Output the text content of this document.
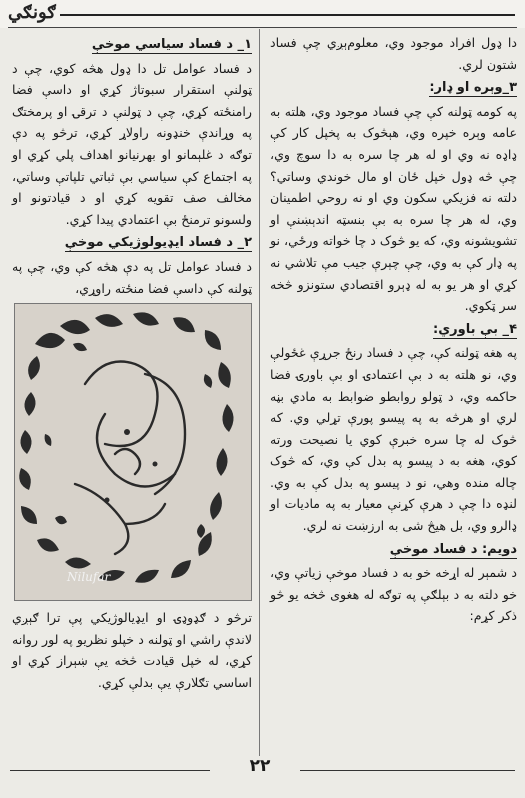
ګونګي

دا ډول افراد موجود وي، معلوم‌ېږي چې فساد شتون لري.

۳_وېره او ډار:

په کومه ټولنه کې چې فساد موجود وي، هلته به عامه وېره خپره وي، هېڅوک به پخپل کار کې ډاډه نه وي او له هر چا سره به دا سوچ وي، چې څه ډول خپل ځان او مال خوندي وساتي؟ دلته نه فزيکي سکون وي او نه روحي اطمينان وي، له هر چا سره به بې بنسټه اندېښنې او تشويشونه وي، که يو څوک د چا خواته ورځي، نو په ډار کې به وي، چې چېرې جيب مې تلاشي نه کړي او هر يو به له ډېرو اقتصادي ستونزو څخه سر ټکوي.

۴_ بې باوري:

په هغه ټولنه کې، چې د فساد رنځ جرړې غځولې وي، نو هلته به د بې اعتمادۍ او بې باورۍ فضا حاکمه وي، د ټولو روابطو ضوابط به مادي بڼه لري او هرڅه به په پيسو پورې تړلي وي. که څوک له چا سره خبرې کوي يا نصيحت ورته کوي، هغه به د پيسو په بدل کې وي، که څوک چاله منده وهي، نو د پيسو په بدل کې به وي. لنډه دا چې د هرې کړنې معيار به په ماديات او ډالرو وي، بل هيڅ شی به ارزښت نه لري.

دويم: د فساد موخې

د شمېر له اړخه خو به د فساد موخې زياتې وي، خو دلته به د بېلګې په توګه له هغوی څخه يو څو ذکر کړم:

۱_ د فساد سياسي موخې

د فساد عوامل تل دا ډول هڅه کوي، چې د ټولنې استقرار سبوتاژ کړي او داسې فضا رامنځته کړي، چې د ټولنې د ترقۍ او پرمختګ په وړاندې خنډونه راولاړ کړي، ترڅو په دې توګه د غلېمانو او بهرنيانو اهداف پلي کړي او په اجتماع کې سياسي بې ثباتي تلپاتې وساتي، مخالف صف تقويه کړي او د قيادتونو او ولسونو ترمنځ بې اعتمادي پيدا کړي.

۲_ د فساد ايډيولوژيکي موخې

د فساد عوامل تل په دې هڅه کې وي، چې په ټولنه کې داسې فضا منځته راوړي،

Nilufar

ترڅو د ګډوډۍ او ايډيالوژيکي پې ترا ګېږي لاندې راشي او ټولنه د خپلو نظريو په لور روانه کړي، له خپل قيادت څخه يې ښېراز کړي او اساسي تګلارې يې بدلې کړي.

۲۲
